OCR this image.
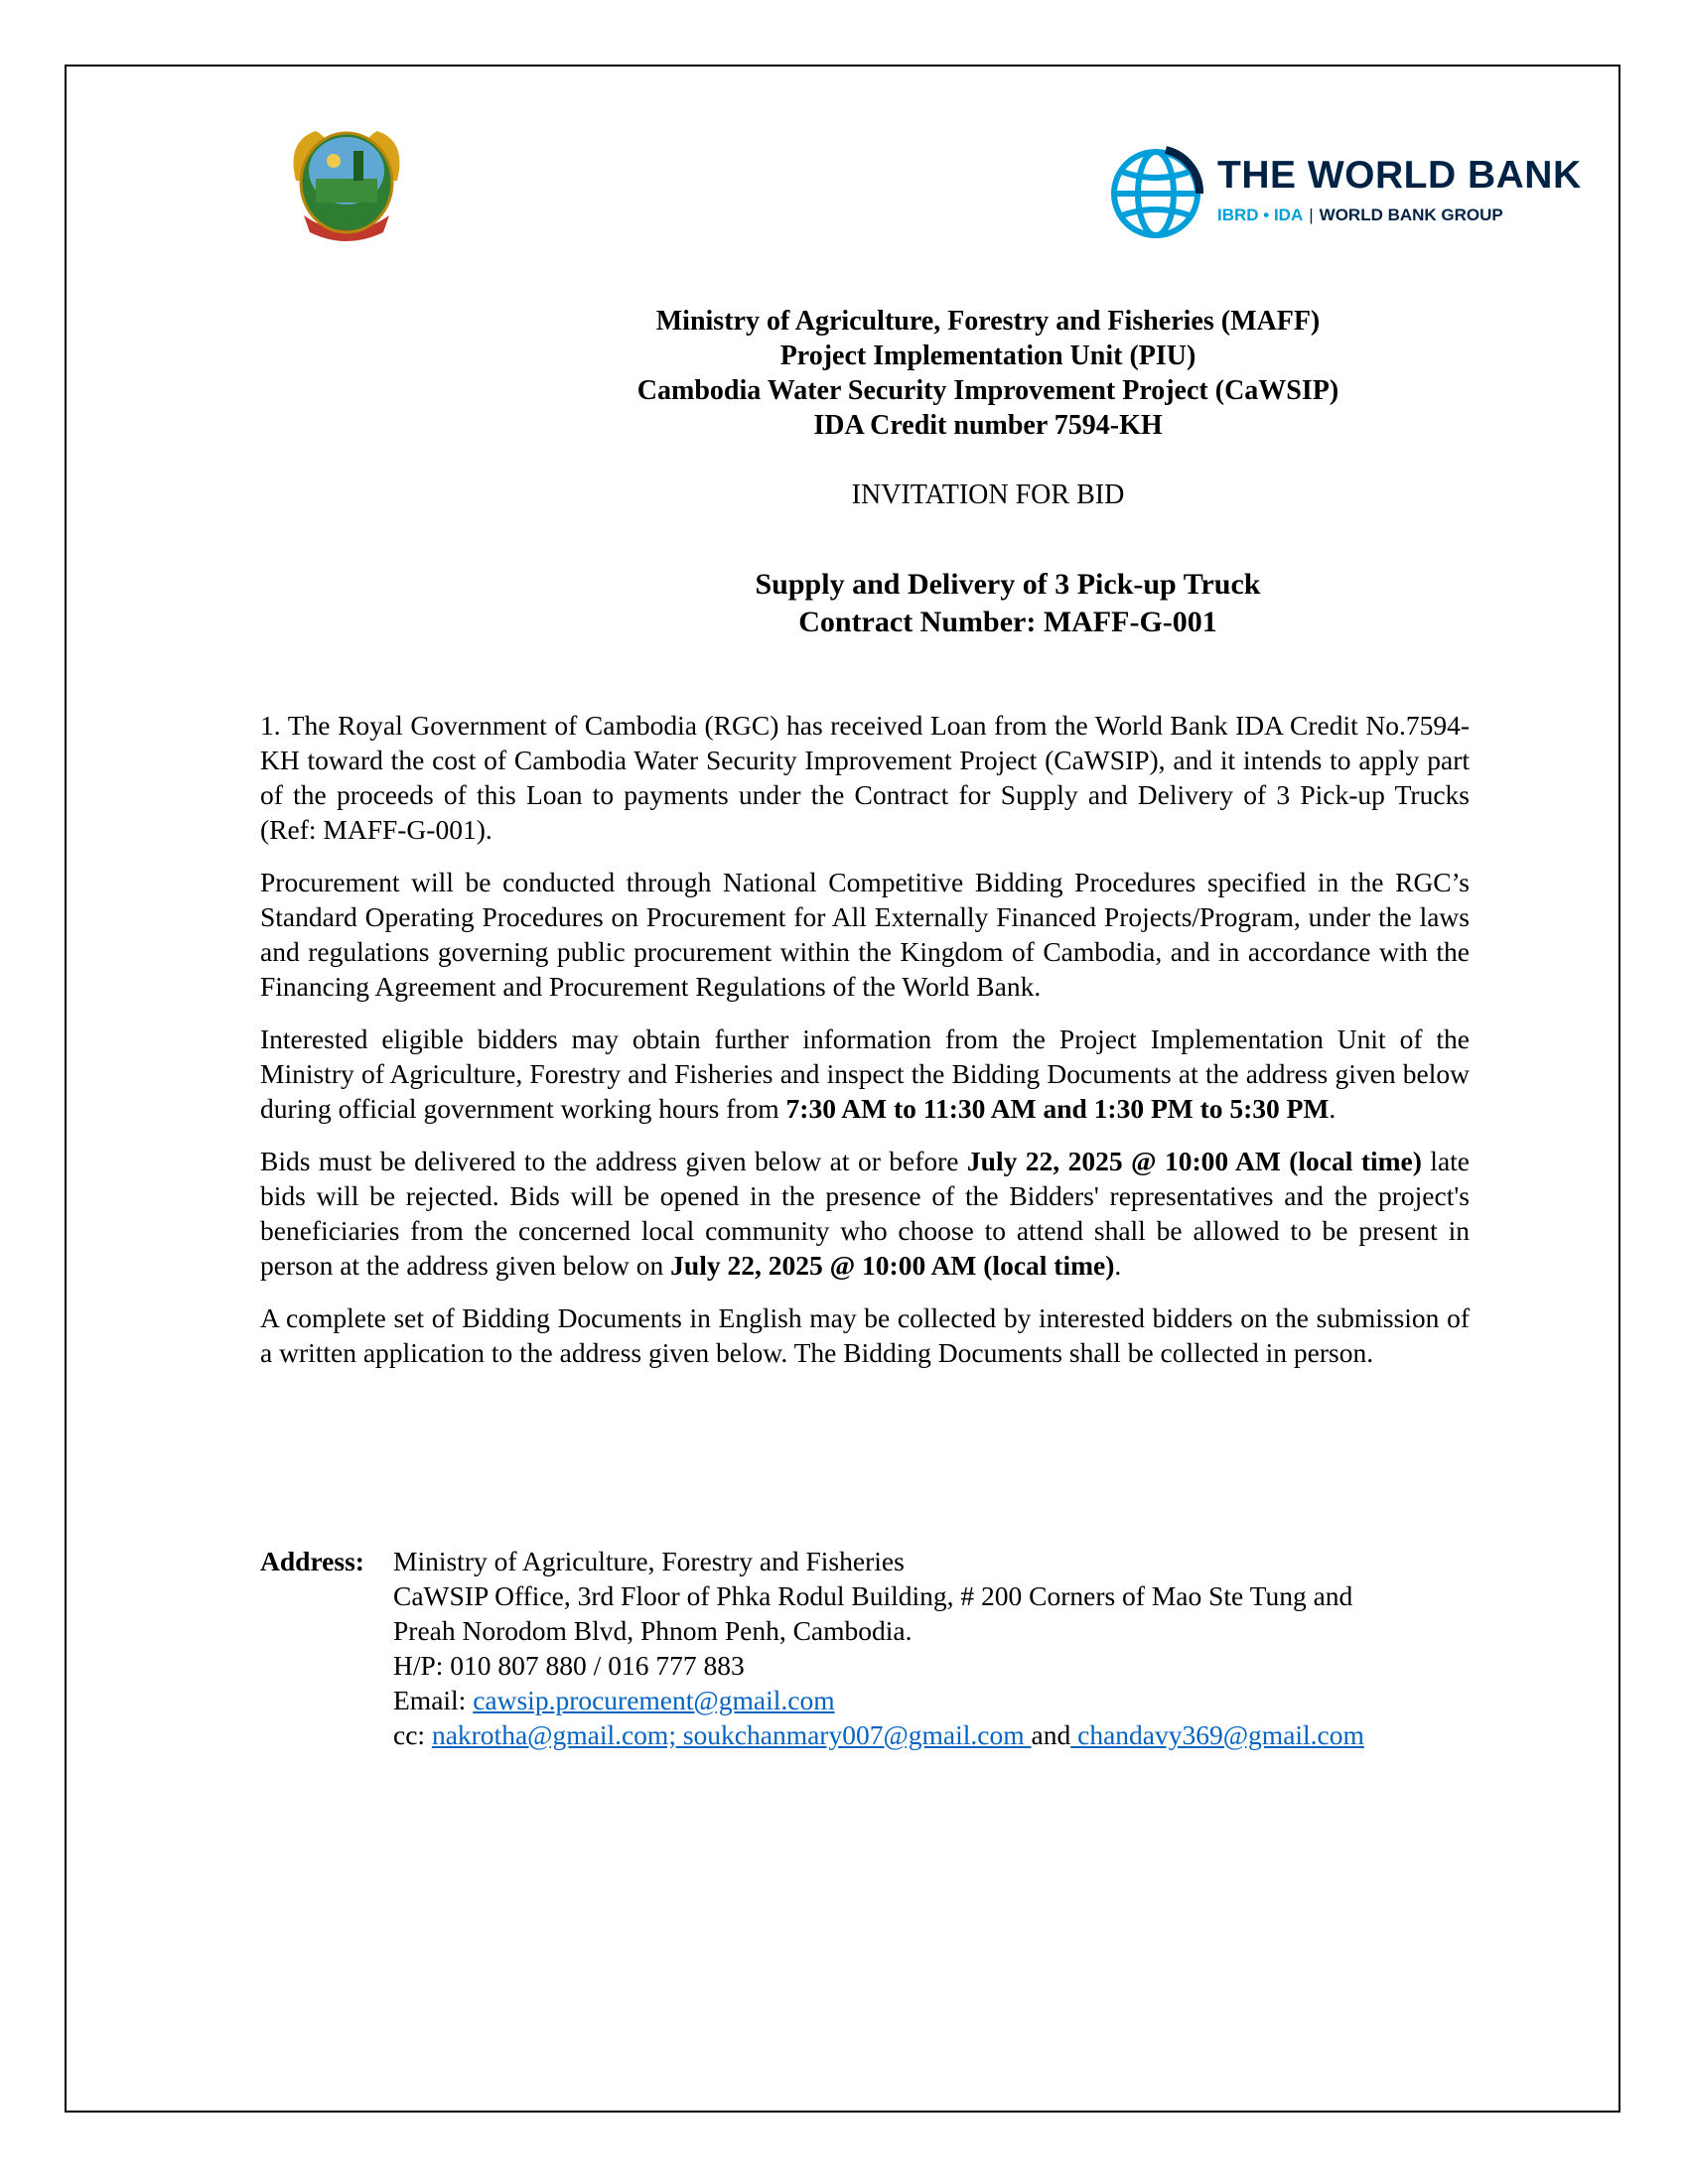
THE WORLD BANK
IBRD • IDA | WORLD BANK GROUP
Ministry of Agriculture, Forestry and Fisheries (MAFF)
Project Implementation Unit (PIU)
Cambodia Water Security Improvement Project (CaWSIP)
IDA Credit number 7594-KH
INVITATION FOR BID
Supply and Delivery of 3 Pick-up Truck
Contract Number: MAFF-G-001

1. The Royal Government of Cambodia (RGC) has received Loan from the World Bank IDA Credit No.7594-KH toward the cost of Cambodia Water Security Improvement Project (CaWSIP), and it intends to apply part of the proceeds of this Loan to payments under the Contract for Supply and Delivery of 3 Pick-up Trucks (Ref: MAFF-G-001).

Procurement will be conducted through National Competitive Bidding Procedures specified in the RGC’s Standard Operating Procedures on Procurement for All Externally Financed Projects/Program, under the laws and regulations governing public procurement within the Kingdom of Cambodia, and in accordance with the Financing Agreement and Procurement Regulations of the World Bank.

Interested eligible bidders may obtain further information from the Project Implementation Unit of the Ministry of Agriculture, Forestry and Fisheries and inspect the Bidding Documents at the address given below during official government working hours from 7:30 AM to 11:30 AM and 1:30 PM to 5:30 PM.

Bids must be delivered to the address given below at or before July 22, 2025 @ 10:00 AM (local time) late bids will be rejected. Bids will be opened in the presence of the Bidders' representatives and the project's beneficiaries from the concerned local community who choose to attend shall be allowed to be present in person at the address given below on July 22, 2025 @ 10:00 AM (local time).

A complete set of Bidding Documents in English may be collected by interested bidders on the submission of a written application to the address given below. The Bidding Documents shall be collected in person.

Address: Ministry of Agriculture, Forestry and Fisheries
CaWSIP Office, 3rd Floor of Phka Rodul Building, # 200 Corners of Mao Ste Tung and
Preah Norodom Blvd, Phnom Penh, Cambodia.
H/P: 010 807 880 / 016 777 883
Email: cawsip.procurement@gmail.com
cc: nakrotha@gmail.com; soukchanmary007@gmail.com and chandavy369@gmail.com
